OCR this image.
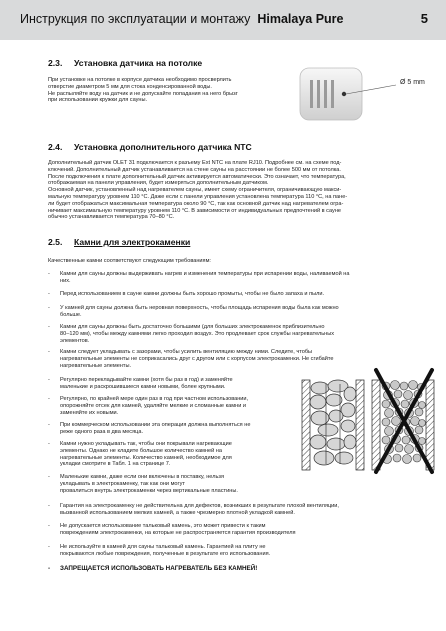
Инструкция по эксплуатации и монтажу Himalaya Pure	5
2.3. Установка датчика на потолке
При установке на потолке в корпусе датчика необходимо просверлить
отверстие диаметром 5 мм для стока конденсированной воды.
Не распыляйте воду на датчик и не допускайте попадания на него брызг
при использовании кружки для сауны.
Ø 5 mm
2.4. Установка дополнительного датчика NTC
Дополнительный датчик OLET 31 подключается к разъему Ext NTC на плате RJ10. Подробнее см. на схеме под-
ключений. Дополнительный датчик устанавливается на стене сауны на расстоянии не более 500 мм от потолка.
После подключения к плате дополнительный датчик активируется автоматически. Это означает, что температура,
отображаемая на панели управления, будет измеряться дополнительным датчиком.
Основной датчик, установленный над нагревателем сауны, имеет схему ограничителя, ограничивающую макси-
мальную температуру уровнем 110 °C. Даже если с панели управления установлена температура 110 °C, на пане-
ли будет отображаться максимальная температура около 90 °C, так как основной датчик над нагревателем огра-
ничивает максимальную температуру уровнем 110 °C. В зависимости от индивидуальных предпочтений в сауне
обычно устанавливается температура 70–80 °C.
2.5. Камни для электрокаменки
Качественные камни соответствуют следующим требованиям:
- Камни для сауны должны выдерживать нагрев и изменения температуры при испарении воды, наливаемой на
них.
- Перед использованием в сауне камни должны быть хорошо промыты, чтобы не было запаха и пыли.
- У камней для сауны должна быть неровная поверхность, чтобы площадь испарения воды была как можно
больше.
- Камни для сауны должны быть достаточно большими (для больших электрокаменок приблизительно
80–120 мм), чтобы между камнями легко проходил воздух. Это продлевает срок службы нагревательных
элементов.
- Камни следует укладывать с зазорами, чтобы усилить вентиляцию между ними. Следите, чтобы
нагревательные элементы не соприкасались друг с другом или с корпусом электрокаменки. Не сгибайте
нагревательные элементы.
- Регулярно перекладывайте камни (хотя бы раз в год) и заменяйте
маленькие и раскрошившиеся камни новыми, более крупными.
- Регулярно, по крайней мере один раз в год при частном использовании,
опорожняйте отсек для камней, удаляйте мелкие и сломанные камни и
заменяйте их новыми.
- При коммерческом использовании эта операция должна выполняться не
реже одного раза в два месяца.
- Камни нужно укладывать так, чтобы они покрывали нагревающие
элементы. Однако не кладите большое количество камней на
нагревательные элементы. Количество камней, необходимое для
укладки смотрите в Табл. 1 на странице 7.
- Маленькие камни, даже если они включены в поставку, нельзя
укладывать в электрокаменку, так как они могут
провалиться внутрь электрокаменки через вертикальные пластины.
- Гарантия на электрокаменку не действительна для дефектов, возникших в результате плохой вентиляции,
вызванной использованием мелких камней, а также чрезмерно плотной укладкой камней.
- Не допускается использование тальковый камень, это может привести к таким
повреждениям электрокаменки, на которые не распространяется гарантия производителя
- Не используйте в камней для сауны тальковый камень. Гарантией на плиту не
покрываются любые повреждения, полученные в результате его использования.
- ЗАПРЕЩАЕТСЯ ИСПОЛЬЗОВАТЬ НАГРЕВАТЕЛЬ БЕЗ КАМНЕЙ!
